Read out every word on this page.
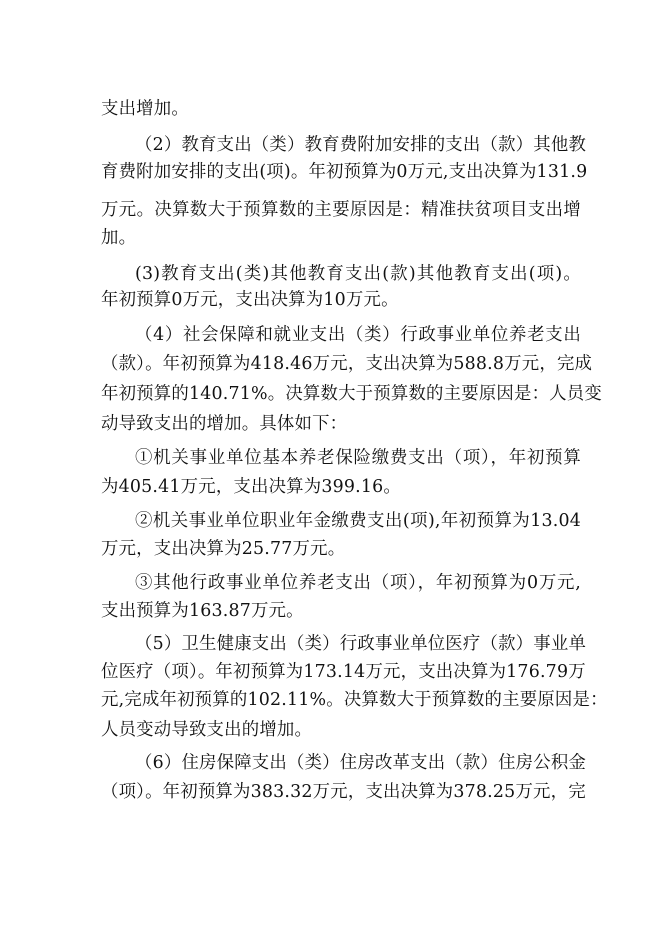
支出增加。
（2）教育支出（类）教育费附加安排的支出（款）其他教
育费附加安排的支出(项)。年初预算为0万元,支出决算为131.9
万元。决算数大于预算数的主要原因是：精准扶贫项目支出增
加。
(3)教育支出(类)其他教育支出(款)其他教育支出(项)。
年初预算0万元，支出决算为10万元。
（4）社会保障和就业支出（类）行政事业单位养老支出
（款）。年初预算为418.46万元，支出决算为588.8万元，完成
年初预算的140.71%。决算数大于预算数的主要原因是：人员变
动导致支出的增加。具体如下：
①机关事业单位基本养老保险缴费支出（项），年初预算
为405.41万元，支出决算为399.16。
②机关事业单位职业年金缴费支出(项),年初预算为13.04
万元，支出决算为25.77万元。
③其他行政事业单位养老支出（项），年初预算为0万元,
支出预算为163.87万元。
（5）卫生健康支出（类）行政事业单位医疗（款）事业单
位医疗（项）。年初预算为173.14万元，支出决算为176.79万
元,完成年初预算的102.11%。决算数大于预算数的主要原因是：
人员变动导致支出的增加。
（6）住房保障支出（类）住房改革支出（款）住房公积金
（项）。年初预算为383.32万元，支出决算为378.25万元，完
